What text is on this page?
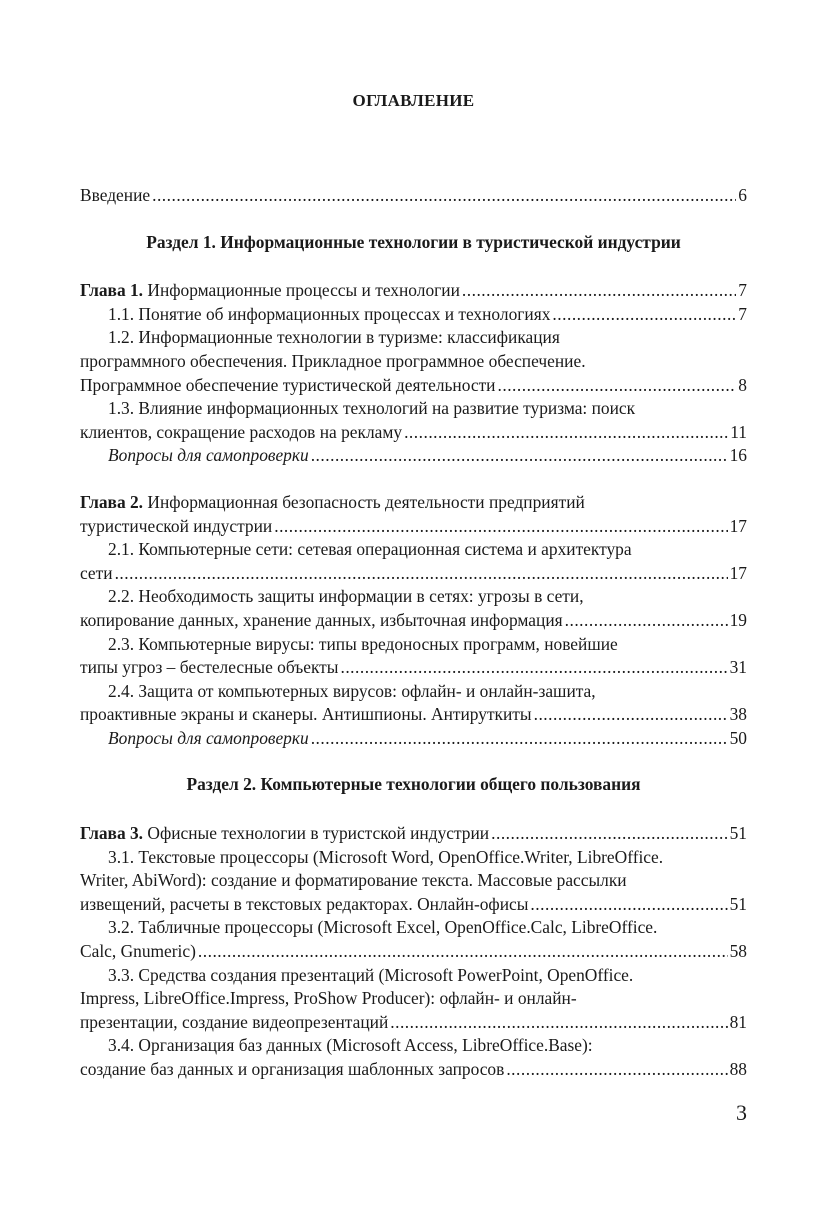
ОГЛАВЛЕНИЕ
Введение .....	6
Раздел 1. Информационные технологии в туристической индустрии
Глава 1. Информационные процессы и технологии .....	7
1.1. Понятие об информационных процессах и технологиях .....	7
1.2. Информационные технологии в туризме: классификация
программного обеспечения. Прикладное программное обеспечение.
Программное обеспечение туристической деятельности .....	8
1.3. Влияние информационных технологий на развитие туризма: поиск
клиентов, сокращение расходов на рекламу .....	11
Вопросы для самопроверки .....	16
Глава 2. Информационная безопасность деятельности предприятий
туристической индустрии .....	17
2.1. Компьютерные сети: сетевая операционная система и архитектура
сети .....	17
2.2. Необходимость защиты информации в сетях: угрозы в сети,
копирование данных, хранение данных, избыточная информация .....	19
2.3. Компьютерные вирусы: типы вредоносных программ, новейшие
типы угроз – бестелесные объекты .....	31
2.4. Защита от компьютерных вирусов: офлайн- и онлайн-зашита,
проактивные экраны и сканеры. Антишпионы. Антируткиты .....	38
Вопросы для самопроверки .....	50
Раздел 2. Компьютерные технологии общего пользования
Глава 3. Офисные технологии в туристской индустрии .....	51
3.1. Текстовые процессоры (Microsoft Word, OpenOffice.Writer, LibreOffice.
Writer, AbiWord): создание и форматирование текста. Массовые рассылки
извещений, расчеты в текстовых редакторах. Онлайн-офисы .....	51
3.2. Табличные процессоры (Microsoft Excel, OpenOffice.Calc, LibreOffice.
Calc, Gnumeric) .....	58
3.3. Средства создания презентаций (Microsoft PowerPoint, OpenOffice.
Impress, LibreOffice.Impress, ProShow Producer): офлайн- и онлайн-
презентации, создание видеопрезентаций .....	81
3.4. Организация баз данных (Microsoft Access, LibreOffice.Base):
создание баз данных и организация шаблонных запросов .....	88
3
